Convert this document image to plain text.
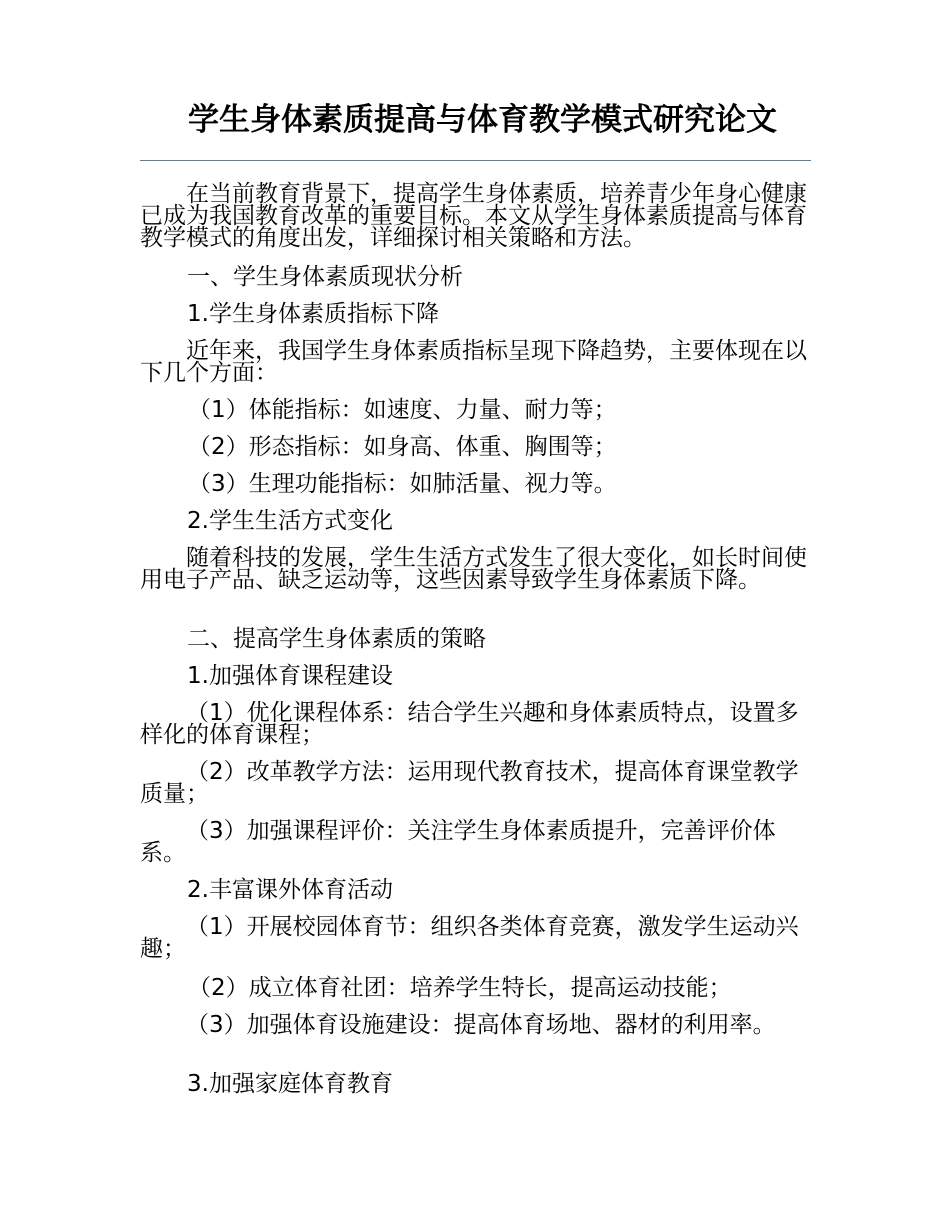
学生身体素质提高与体育教学模式研究论文

在当前教育背景下，提高学生身体素质，培养青少年身心健康已成为我国教育改革的重要目标。本文从学生身体素质提高与体育教学模式的角度出发，详细探讨相关策略和方法。

一、学生身体素质现状分析

1.学生身体素质指标下降

近年来，我国学生身体素质指标呈现下降趋势，主要体现在以下几个方面：

（1）体能指标：如速度、力量、耐力等；

（2）形态指标：如身高、体重、胸围等；

（3）生理功能指标：如肺活量、视力等。

2.学生生活方式变化

随着科技的发展，学生生活方式发生了很大变化，如长时间使用电子产品、缺乏运动等，这些因素导致学生身体素质下降。

二、提高学生身体素质的策略

1.加强体育课程建设

（1）优化课程体系：结合学生兴趣和身体素质特点，设置多样化的体育课程；

（2）改革教学方法：运用现代教育技术，提高体育课堂教学质量；

（3）加强课程评价：关注学生身体素质提升，完善评价体系。

2.丰富课外体育活动

（1）开展校园体育节：组织各类体育竞赛，激发学生运动兴趣；

（2）成立体育社团：培养学生特长，提高运动技能；

（3）加强体育设施建设：提高体育场地、器材的利用率。

3.加强家庭体育教育
